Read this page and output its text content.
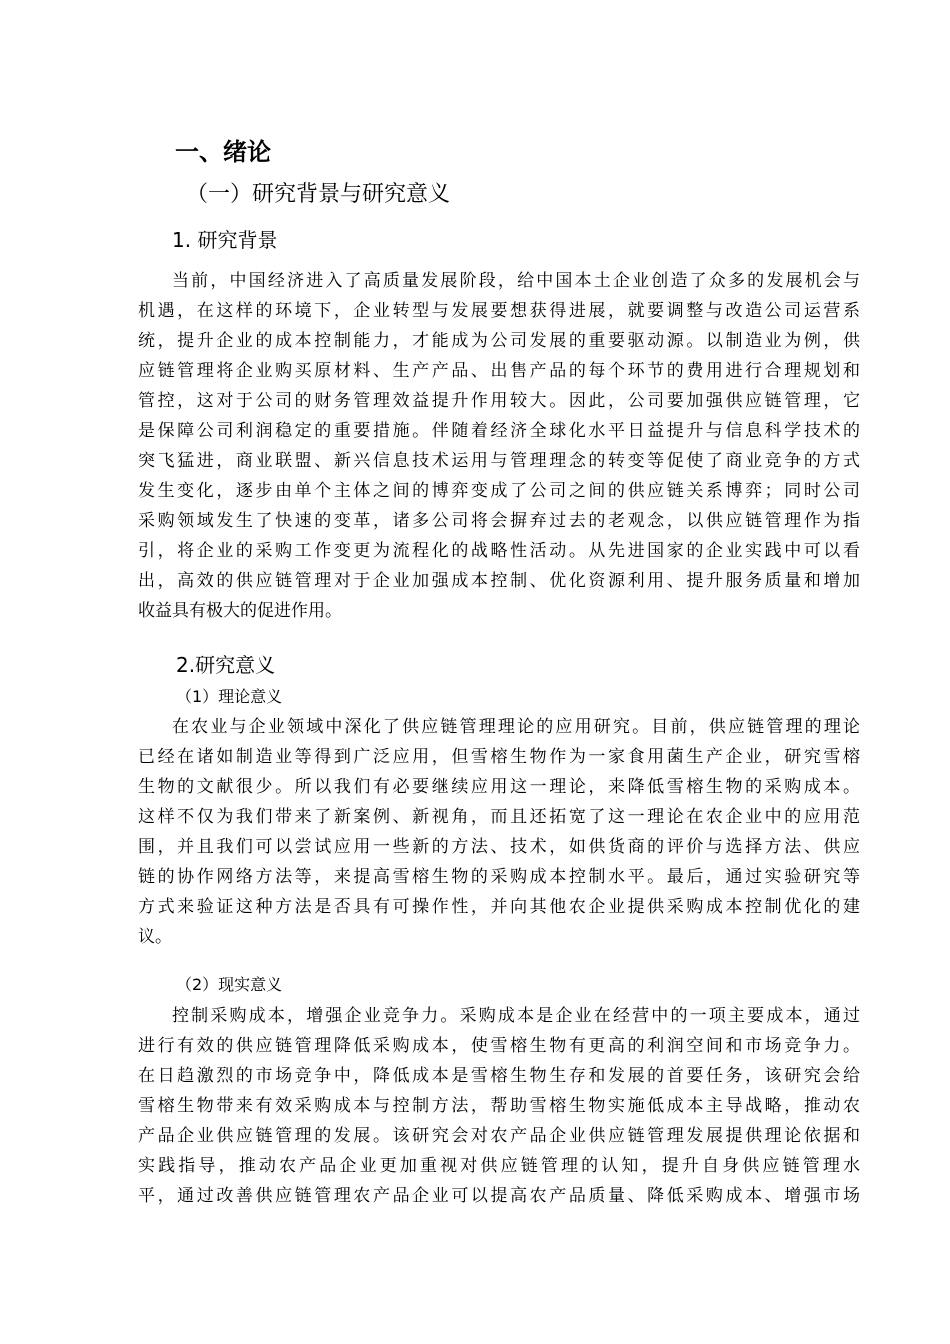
一、绪论
（一）研究背景与研究意义
1. 研究背景
当前，中国经济进入了高质量发展阶段，给中国本土企业创造了众多的发展机会与
机遇，在这样的环境下，企业转型与发展要想获得进展，就要调整与改造公司运营系
统，提升企业的成本控制能力，才能成为公司发展的重要驱动源。以制造业为例，供
应链管理将企业购买原材料、生产产品、出售产品的每个环节的费用进行合理规划和
管控，这对于公司的财务管理效益提升作用较大。因此，公司要加强供应链管理，它
是保障公司利润稳定的重要措施。伴随着经济全球化水平日益提升与信息科学技术的
突飞猛进，商业联盟、新兴信息技术运用与管理理念的转变等促使了商业竞争的方式
发生变化，逐步由单个主体之间的博弈变成了公司之间的供应链关系博弈；同时公司
采购领域发生了快速的变革，诸多公司将会摒弃过去的老观念，以供应链管理作为指
引，将企业的采购工作变更为流程化的战略性活动。从先进国家的企业实践中可以看
出，高效的供应链管理对于企业加强成本控制、优化资源利用、提升服务质量和增加
收益具有极大的促进作用。
2.研究意义
（1）理论意义
在农业与企业领域中深化了供应链管理理论的应用研究。目前，供应链管理的理论
已经在诸如制造业等得到广泛应用，但雪榕生物作为一家食用菌生产企业，研究雪榕
生物的文献很少。所以我们有必要继续应用这一理论，来降低雪榕生物的采购成本。
这样不仅为我们带来了新案例、新视角，而且还拓宽了这一理论在农企业中的应用范
围，并且我们可以尝试应用一些新的方法、技术，如供货商的评价与选择方法、供应
链的协作网络方法等，来提高雪榕生物的采购成本控制水平。最后，通过实验研究等
方式来验证这种方法是否具有可操作性，并向其他农企业提供采购成本控制优化的建
议。
（2）现实意义
控制采购成本，增强企业竞争力。采购成本是企业在经营中的一项主要成本，通过
进行有效的供应链管理降低采购成本，使雪榕生物有更高的利润空间和市场竞争力。
在日趋激烈的市场竞争中，降低成本是雪榕生物生存和发展的首要任务，该研究会给
雪榕生物带来有效采购成本与控制方法，帮助雪榕生物实施低成本主导战略，推动农
产品企业供应链管理的发展。该研究会对农产品企业供应链管理发展提供理论依据和
实践指导，推动农产品企业更加重视对供应链管理的认知，提升自身供应链管理水
平，通过改善供应链管理农产品企业可以提高农产品质量、降低采购成本、增强市场
